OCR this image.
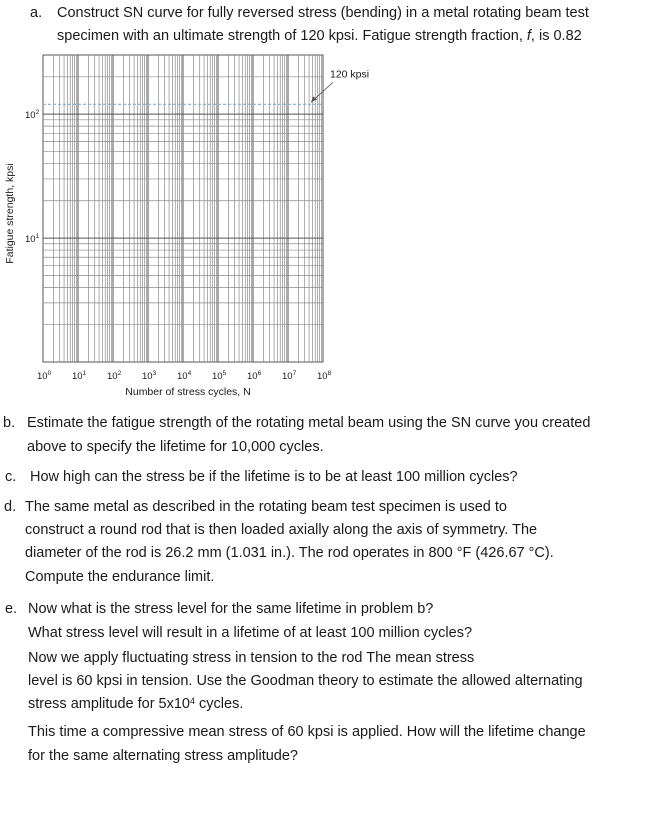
a. Construct SN curve for fully reversed stress (bending) in a metal rotating beam test
specimen with an ultimate strength of 120 kpsi. Fatigue strength fraction, f, is 0.82
120 kpsi
$10^0$ $10^1$ $10^2$ $10^3$ $10^4$ $10^5$ $10^6$ $10^7$ $10^8$
$10^1$
$10^2$
Number of stress cycles, N
Fatigue strength, kpsi
b. Estimate the fatigue strength of the rotating metal beam using the SN curve you created
above to specify the lifetime for 10,000 cycles.
c. How high can the stress be if the lifetime is to be at least 100 million cycles?
d. The same metal as described in the rotating beam test specimen is used to
construct a round rod that is then loaded axially along the axis of symmetry. The
diameter of the rod is 26.2 mm (1.031 in.). The rod operates in 800 °F (426.67 °C).
Compute the endurance limit.
e. Now what is the stress level for the same lifetime in problem b?
What stress level will result in a lifetime of at least 100 million cycles?
Now we apply fluctuating stress in tension to the rod The mean stress
level is 60 kpsi in tension. Use the Goodman theory to estimate the allowed alternating
stress amplitude for $5x10^4$ cycles.
This time a compressive mean stress of 60 kpsi is applied. How will the lifetime change
for the same alternating stress amplitude?
